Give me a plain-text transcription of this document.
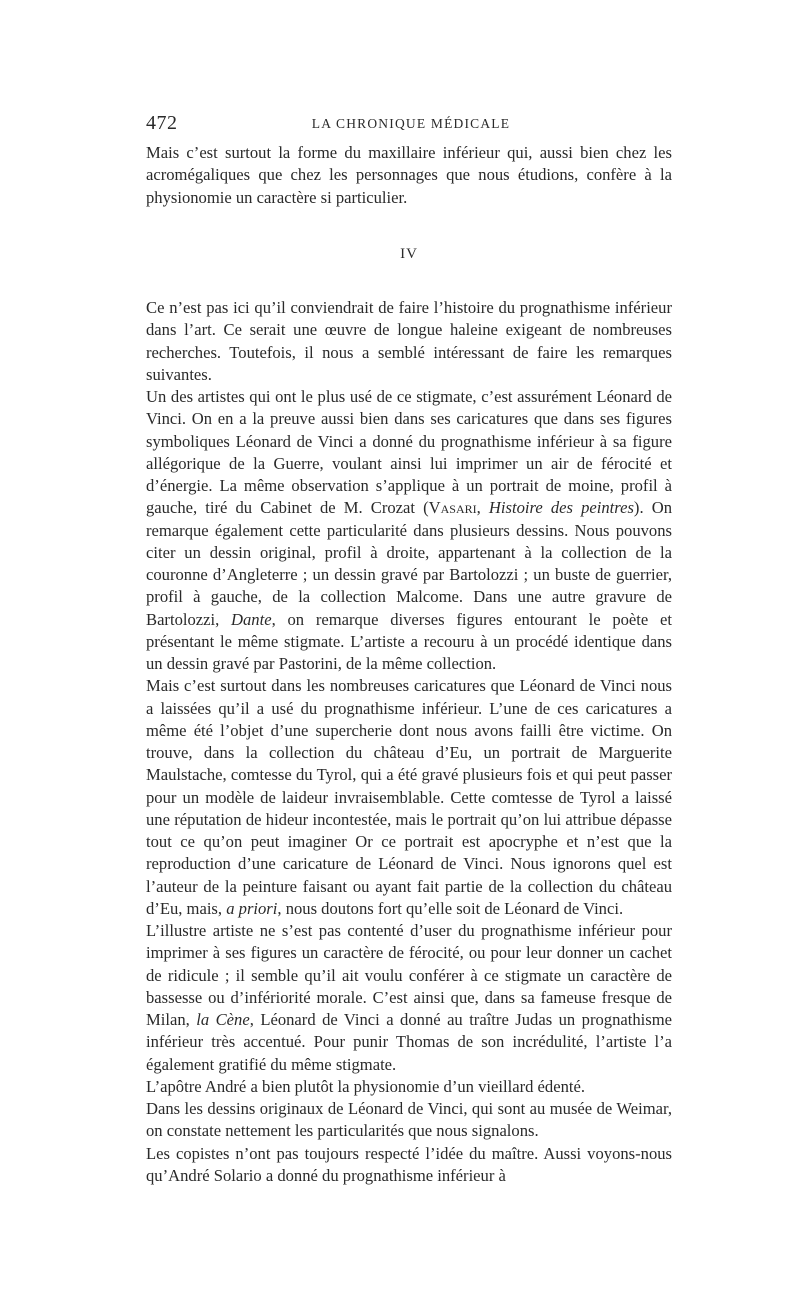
472	LA CHRONIQUE MÉDICALE

Mais c’est surtout la forme du maxillaire inférieur qui, aussi bien chez les acromégaliques que chez les personnages que nous étudions, confère à la physionomie un caractère si particulier.

IV

Ce n’est pas ici qu’il conviendrait de faire l’histoire du prognathisme inférieur dans l’art. Ce serait une œuvre de longue haleine exigeant de nombreuses recherches. Toutefois, il nous a semblé intéressant de faire les remarques suivantes.

Un des artistes qui ont le plus usé de ce stigmate, c’est assurément Léonard de Vinci. On en a la preuve aussi bien dans ses caricatures que dans ses figures symboliques Léonard de Vinci a donné du prognathisme inférieur à sa figure allégorique de la Guerre, voulant ainsi lui imprimer un air de férocité et d’énergie. La même observation s’applique à un portrait de moine, profil à gauche, tiré du Cabinet de M. Crozat (Vasari, Histoire des peintres). On remarque également cette particularité dans plusieurs dessins. Nous pouvons citer un dessin original, profil à droite, appartenant à la collection de la couronne d’Angleterre ; un dessin gravé par Bartolozzi ; un buste de guerrier, profil à gauche, de la collection Malcome. Dans une autre gravure de Bartolozzi, Dante, on remarque diverses figures entourant le poète et présentant le même stigmate. L’artiste a recouru à un procédé identique dans un dessin gravé par Pastorini, de la même collection.

Mais c’est surtout dans les nombreuses caricatures que Léonard de Vinci nous a laissées qu’il a usé du prognathisme inférieur. L’une de ces caricatures a même été l’objet d’une supercherie dont nous avons failli être victime. On trouve, dans la collection du château d’Eu, un portrait de Marguerite Maulstache, comtesse du Tyrol, qui a été gravé plusieurs fois et qui peut passer pour un modèle de laideur invraisemblable. Cette comtesse de Tyrol a laissé une réputation de hideur incontestée, mais le portrait qu’on lui attribue dépasse tout ce qu’on peut imaginer Or ce portrait est apocryphe et n’est que la reproduction d’une caricature de Léonard de Vinci. Nous ignorons quel est l’auteur de la peinture faisant ou ayant fait partie de la collection du château d’Eu, mais, a priori, nous doutons fort qu’elle soit de Léonard de Vinci.

L’illustre artiste ne s’est pas contenté d’user du prognathisme inférieur pour imprimer à ses figures un caractère de férocité, ou pour leur donner un cachet de ridicule ; il semble qu’il ait voulu conférer à ce stigmate un caractère de bassesse ou d’infériorité morale. C’est ainsi que, dans sa fameuse fresque de Milan, la Cène, Léonard de Vinci a donné au traître Judas un prognathisme inférieur très accentué. Pour punir Thomas de son incrédulité, l’artiste l’a également gratifié du même stigmate.

L’apôtre André a bien plutôt la physionomie d’un vieillard édenté.

Dans les dessins originaux de Léonard de Vinci, qui sont au musée de Weimar, on constate nettement les particularités que nous signalons.

Les copistes n’ont pas toujours respecté l’idée du maître. Aussi voyons-nous qu’André Solario a donné du prognathisme inférieur à
